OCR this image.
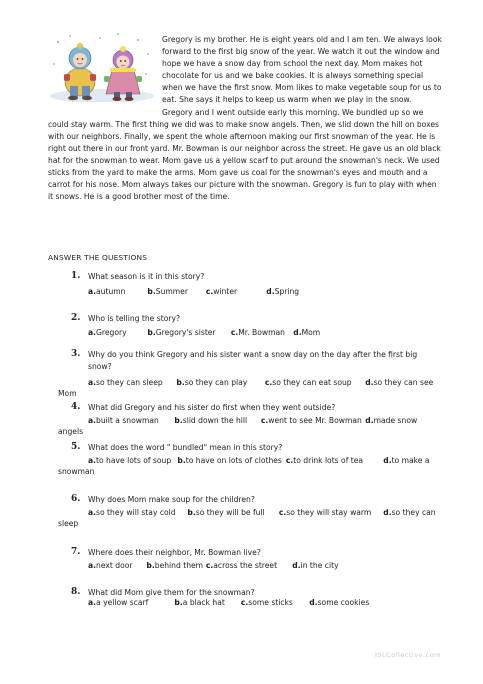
Gregory is my brother. He is eight years old and I am ten. We always look forward to the first big snow of the year. We watch it out the window and hope we have a snow day from school the next day. Mom makes hot chocolate for us and we bake cookies. It is always something special when we have the first snow. Mom likes to make vegetable soup for us to eat. She says it helps to keep us warm when we play in the snow. Gregory and I went outside early this morning. We bundled up so we could stay warm. The first thing we did was to make snow angels. Then, we slid down the hill on boxes with our neighbors. Finally, we spent the whole afternoon making our first snowman of the year. He is right out there in our front yard. Mr. Bowman is our neighbor across the street. He gave us an old black hat for the snowman to wear. Mom gave us a yellow scarf to put around the snowman's neck. We used sticks from the yard to make the arms. Mom gave us coal for the snowman's eyes and mouth and a carrot for his nose. Mom always takes our picture with the snowman. Gregory is fun to play with when it snows. He is a good brother most of the time.

ANSWER THE QUESTIONS

1. What season is it in this story?
a.autumn	b.Summer c.winter	d.Spring
2. Who is telling the story?
a.Gregory	b.Gregory's sister c.Mr. Bowman d.Mom
3. Why do you think Gregory and his sister want a snow day on the day after the first big snow?
a.so they can sleep b.so they can play c.so they can eat soup d.so they can see
Mom
4. What did Gregory and his sister do first when they went outside?
a.built a snowman b.slid down the hill c.went to see Mr. Bowman d.made snow
angels
5. What does the word " bundled" mean in this story?
a.to have lots of soup b.to have on lots of clothes c.to drink lots of tea	d.to make a
snowman
6. Why does Mom make soup for the children?
a.so they will stay cold b.so they will be full c.so they will stay warm d.so they can
sleep
7. Where does their neighbor, Mr. Bowman live?
a.next door b.behind them c.across the street d.in the city
8. What did Mom give them for the snowman?
a.a yellow scarf	b.a black hat c.some sticks d.some cookies
ISLCollective.com
